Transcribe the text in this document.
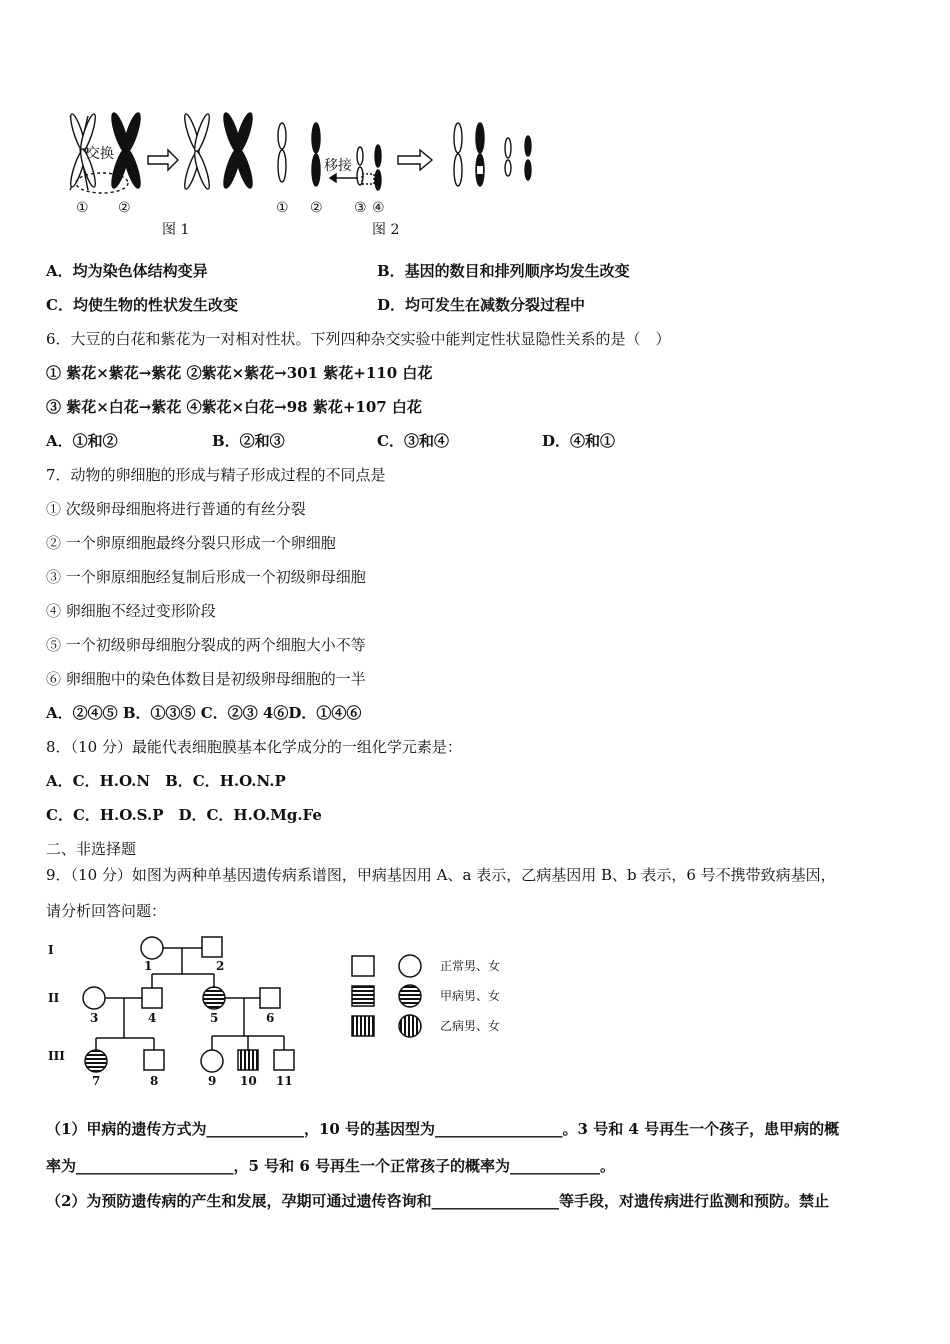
交换
移接
① ②	① ② ③ ④
图 1	图 2
A．均为染色体结构变异	B．基因的数目和排列顺序均发生改变
C．均使生物的性状发生改变	D．均可发生在减数分裂过程中
6．大豆的白花和紫花为一对相对性状。下列四种杂交实验中能判定性状显隐性关系的是（　）
① 紫花×紫花→紫花 ②紫花×紫花→301 紫花+110 白花
③ 紫花×白花→紫花 ④紫花×白花→98 紫花+107 白花
A．①和②	B．②和③	C．③和④	D．④和①
7．动物的卵细胞的形成与精子形成过程的不同点是
① 次级卵母细胞将进行普通的有丝分裂
② 一个卵原细胞最终分裂只形成一个卵细胞
③ 一个卵原细胞经复制后形成一个初级卵母细胞
④ 卵细胞不经过变形阶段
⑤ 一个初级卵母细胞分裂成的两个细胞大小不等
⑥ 卵细胞中的染色体数目是初级卵母细胞的一半
A．②④⑤ B．①③⑤ C．②③ 4⑥D．①④⑥
8．（10 分）最能代表细胞膜基本化学成分的一组化学元素是：
A．C．H.O.N　B．C．H.O.N.P
C．C．H.O.S.P　D．C．H.O.Mg.Fe
二、非选择题
9．（10 分）如图为两种单基因遗传病系谱图，甲病基因用 A、a 表示，乙病基因用 B、b 表示，6 号不携带致病基因，
请分析回答问题：
I
II
III
1	2
3	4	5	6
7	8	9 10 11
正常男、女
甲病男、女
乙病男、女
（1）甲病的遗传方式为_____________，10 号的基因型为_________________。3 号和 4 号再生一个孩子，患甲病的概
率为_____________________，5 号和 6 号再生一个正常孩子的概率为____________。
（2）为预防遗传病的产生和发展，孕期可通过遗传咨询和_________________等手段，对遗传病进行监测和预防。禁止
